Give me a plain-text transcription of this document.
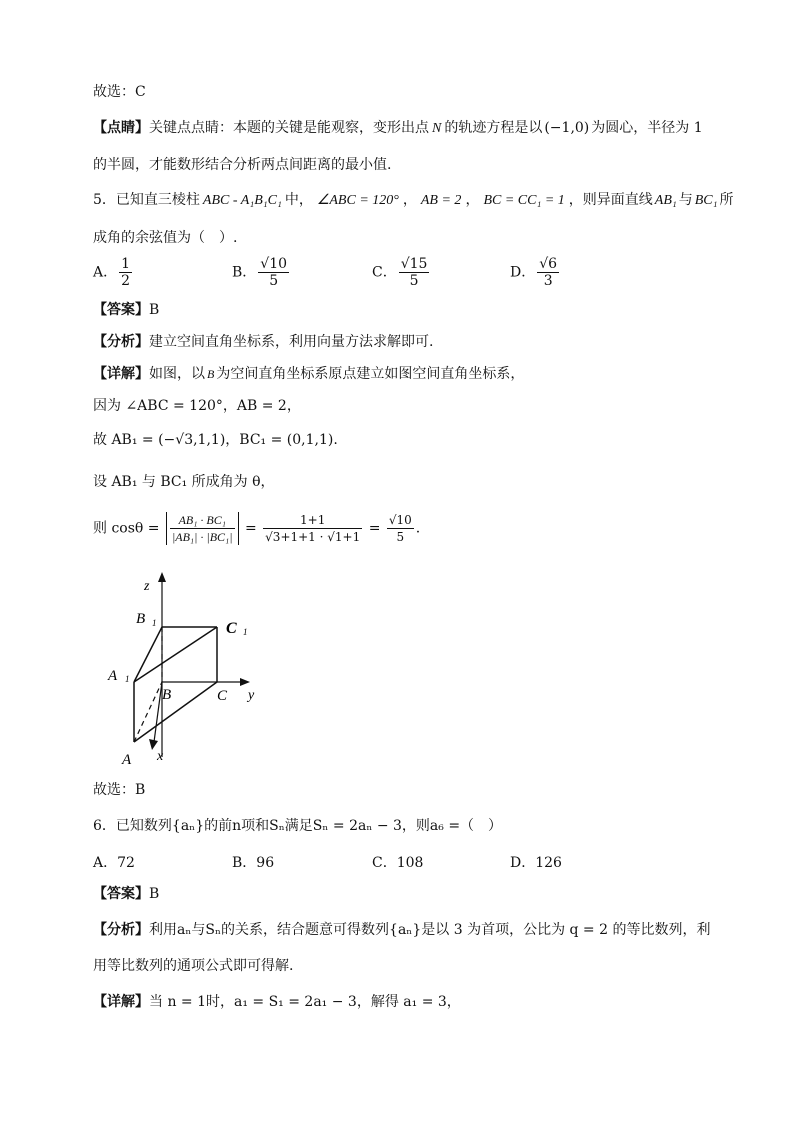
故选：C
【点睛】关键点点睛：本题的关键是能观察，变形出点 N 的轨迹方程是以 (−1,0) 为圆心，半径为 1
的半圆，才能数形结合分析两点间距离的最小值.
5．已知直三棱柱 ABC - A₁B₁C₁ 中， ∠ABC = 120° ， AB = 2 ， BC = CC₁ = 1 ，则异面直线 AB₁ 与 BC₁ 所
成角的余弦值为（　）.
A． $\frac{1}{2}$	B． $\frac{√10}{5}$	C． $\frac{√15}{5}$	D． $\frac{√6}{3}$
【答案】B
【分析】建立空间直角坐标系，利用向量方法求解即可.
【详解】如图，以 B 为空间直角坐标系原点建立如图空间直角坐标系，
因为 ∠ABC = 120°，AB = 2，
故 AB₁ = (−√3,1,1)，BC₁ = (0,1,1).
设 AB₁ 与 BC₁ 所成角为 θ，
则 $\cos\theta = \frac{\text{AB₁ · BC₁}}{\text{|AB₁| · |BC₁|}} = \frac{1+1}{√3+1+1 \cdot √1+1} = \frac{√10}{5}$ .
z
B 1	C 1
A 1
B	C y
A x
故选：B
6．已知数列{aₙ}的前n项和Sₙ满足Sₙ = 2aₙ − 3，则a₆ =（　）
A．72	B．96	C．108	D．126
【答案】B
【分析】利用aₙ与Sₙ的关系，结合题意可得数列{aₙ}是以 3 为首项，公比为 q = 2 的等比数列，利
用等比数列的通项公式即可得解.
【详解】当 n = 1时，a₁ = S₁ = 2a₁ − 3，解得 a₁ = 3，
